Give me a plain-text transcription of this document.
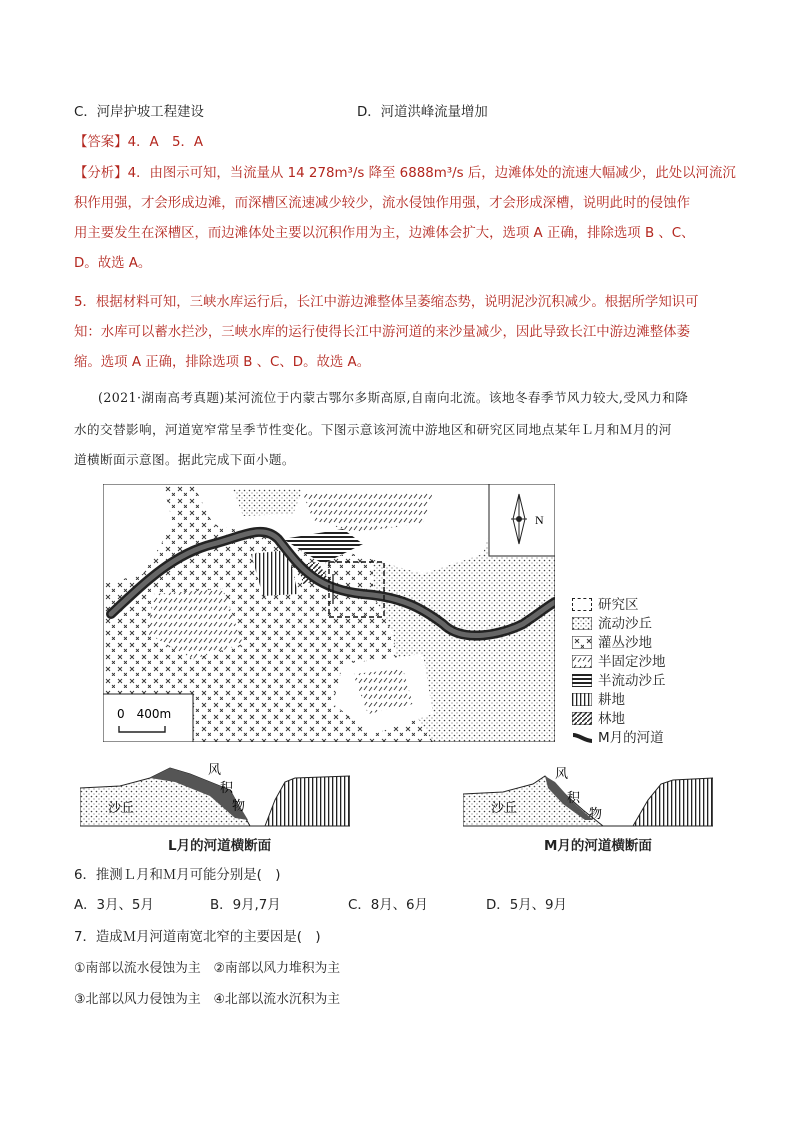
C．河岸护坡工程建设	D．河道洪峰流量增加
【答案】4．A　5．A
【分析】4．由图示可知，当流量从 14 278m³/s 降至 6888m³/s 后，边滩体处的流速大幅减少，此处以河流沉
积作用强，才会形成边滩，而深槽区流速减少较少，流水侵蚀作用强，才会形成深槽，说明此时的侵蚀作
用主要发生在深槽区，而边滩体处主要以沉积作用为主，边滩体会扩大，选项 A 正确，排除选项 B 、C、
D。故选 A。
5．根据材料可知，三峡水库运行后，长江中游边滩整体呈萎缩态势，说明泥沙沉积减少。根据所学知识可
知：水库可以蓄水拦沙，三峡水库的运行使得长江中游河道的来沙量减少，因此导致长江中游边滩整体萎
缩。选项 A 正确，排除选项 B 、C、D。故选 A。
(2021·湖南高考真题)某河流位于内蒙古鄂尔多斯高原,自南向北流。该地冬春季节风力较大,受风力和降
水的交替影响，河道宽窄常呈季节性变化。下图示意该河流中游地区和研究区同地点某年Ｌ月和Ｍ月的河
道横断面示意图。据此完成下面小题。
N
0　400m
研究区
流动沙丘
灌丛沙地
半固定沙地
半流动沙丘
耕地
林地
M月的河道
沙丘
风
积
物
L月的河道横断面
沙丘
风
积
物
M月的河道横断面
6．推测Ｌ月和Ｍ月可能分别是(　)
A．3月、5月	B．9月,7月	C．8月、6月	D．5月、9月
7．造成Ｍ月河道南宽北窄的主要因是(　)
①南部以流水侵蚀为主　②南部以风力堆积为主
③北部以风力侵蚀为主　④北部以流水沉积为主
